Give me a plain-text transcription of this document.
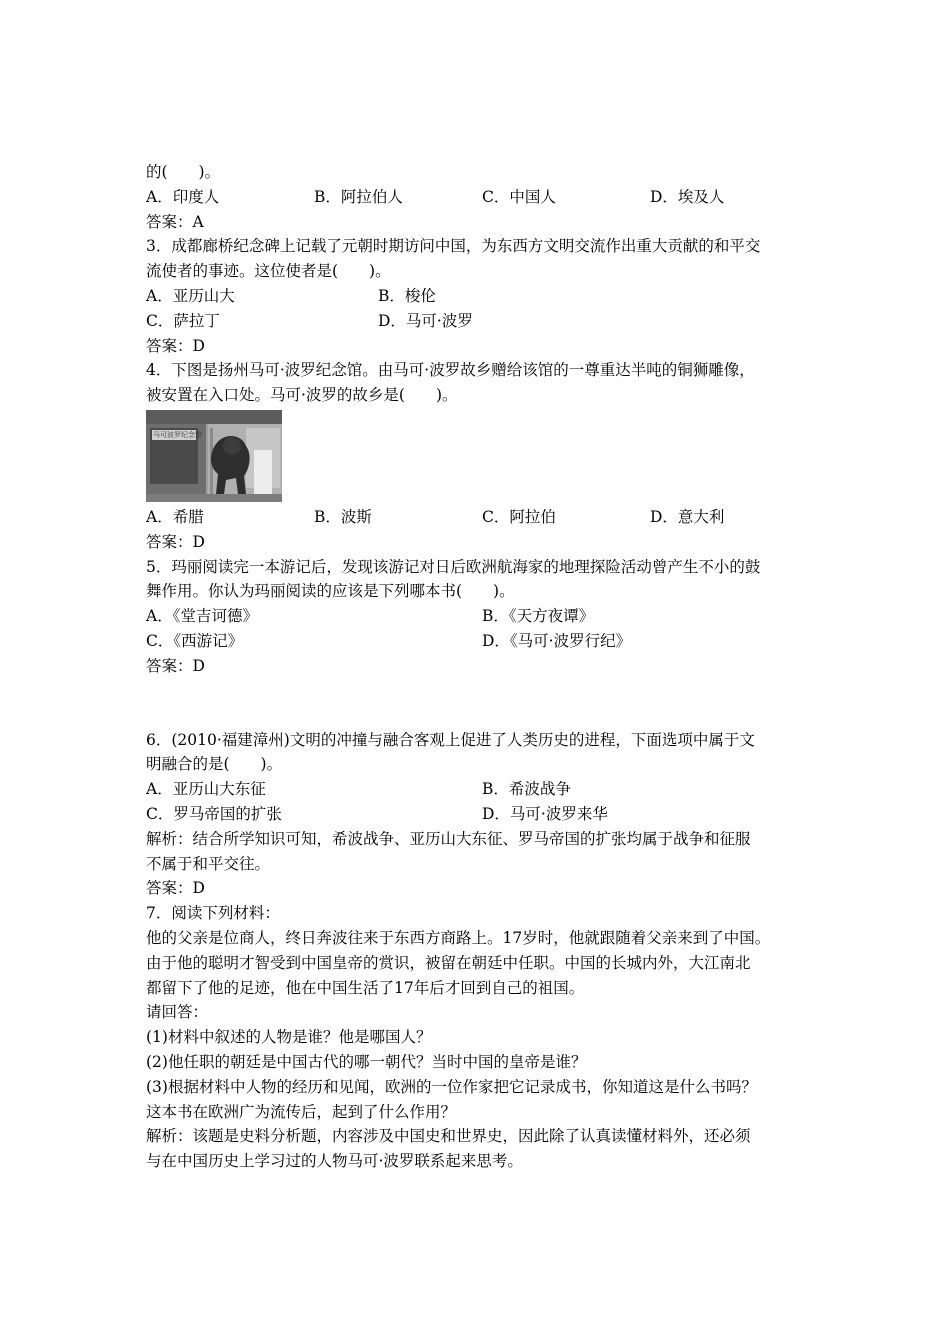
的(　　)。
A．印度人	B．阿拉伯人	C．中国人	D．埃及人
答案：A
3．成都廊桥纪念碑上记载了元朝时期访问中国，为东西方文明交流作出重大贡献的和平交
流使者的事迹。这位使者是(　　)。
A．亚历山大	B．梭伦
C．萨拉丁	D．马可·波罗
答案：D
4．下图是扬州马可·波罗纪念馆。由马可·波罗故乡赠给该馆的一尊重达半吨的铜狮雕像，
被安置在入口处。马可·波罗的故乡是(　　)。
马可波罗纪念馆
A．希腊	B．波斯	C．阿拉伯	D．意大利
答案：D
5．玛丽阅读完一本游记后，发现该游记对日后欧洲航海家的地理探险活动曾产生不小的鼓
舞作用。你认为玛丽阅读的应该是下列哪本书(　　)。
A．《堂吉诃德》	B．《天方夜谭》
C．《西游记》	D．《马可·波罗行纪》
答案：D
6．(2010·福建漳州)文明的冲撞与融合客观上促进了人类历史的进程，下面选项中属于文
明融合的是(　　)。
A．亚历山大东征	B．希波战争
C．罗马帝国的扩张	D．马可·波罗来华
解析：结合所学知识可知，希波战争、亚历山大东征、罗马帝国的扩张均属于战争和征服
不属于和平交往。
答案：D
7．阅读下列材料：
他的父亲是位商人，终日奔波往来于东西方商路上。17岁时，他就跟随着父亲来到了中国。
由于他的聪明才智受到中国皇帝的赏识，被留在朝廷中任职。中国的长城内外，大江南北
都留下了他的足迹，他在中国生活了17年后才回到自己的祖国。
请回答：
(1)材料中叙述的人物是谁？他是哪国人？
(2)他任职的朝廷是中国古代的哪一朝代？当时中国的皇帝是谁？
(3)根据材料中人物的经历和见闻，欧洲的一位作家把它记录成书，你知道这是什么书吗？
这本书在欧洲广为流传后，起到了什么作用？
解析：该题是史料分析题，内容涉及中国史和世界史，因此除了认真读懂材料外，还必须
与在中国历史上学习过的人物马可·波罗联系起来思考。
